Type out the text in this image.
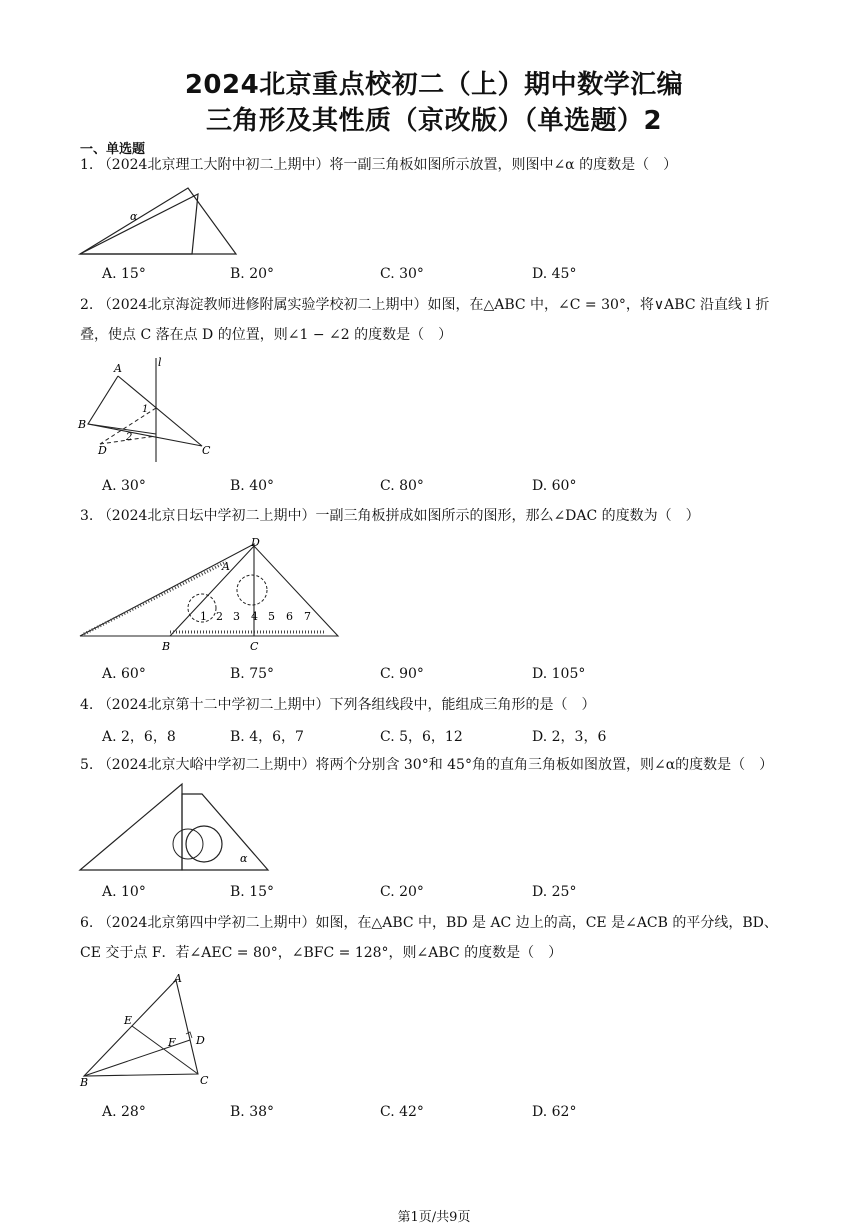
2024北京重点校初二（上）期中数学汇编
三角形及其性质（京改版）（单选题）2
一、单选题
1. （2024北京理工大附中初二上期中）将一副三角板如图所示放置，则图中∠α 的度数是（　）
α
A. 15°	B. 20°	C. 30°	D. 45°
2. （2024北京海淀教师进修附属实验学校初二上期中）如图，在△ABC 中，∠C = 30°，将∨ABC 沿直线 l 折
叠，使点 C 落在点 D 的位置，则∠1 − ∠2 的度数是（　）
A	l
1
B
2
D	C
A. 30°	B. 40°	C. 80°	D. 60°
3. （2024北京日坛中学初二上期中）一副三角板拼成如图所示的图形，那么∠DAC 的度数为（　）
D
A
B	C
1 2 3 4 5 6 7
A. 60°	B. 75°	C. 90°	D. 105°
4. （2024北京第十二中学初二上期中）下列各组线段中，能组成三角形的是（　）
A. 2，6，8	B. 4，6，7	C. 5，6，12	D. 2，3，6
5. （2024北京大峪中学初二上期中）将两个分别含 30°和 45°角的直角三角板如图放置，则∠α的度数是（　）
α
A. 10°	B. 15°	C. 20°	D. 25°
6. （2024北京第四中学初二上期中）如图，在△ABC 中，BD 是 AC 边上的高，CE 是∠ACB 的平分线，BD、
CE 交于点 F．若∠AEC = 80°，∠BFC = 128°，则∠ABC 的度数是（　）
A
E
F D
B	C
A. 28°	B. 38°	C. 42°	D. 62°
第1页/共9页
